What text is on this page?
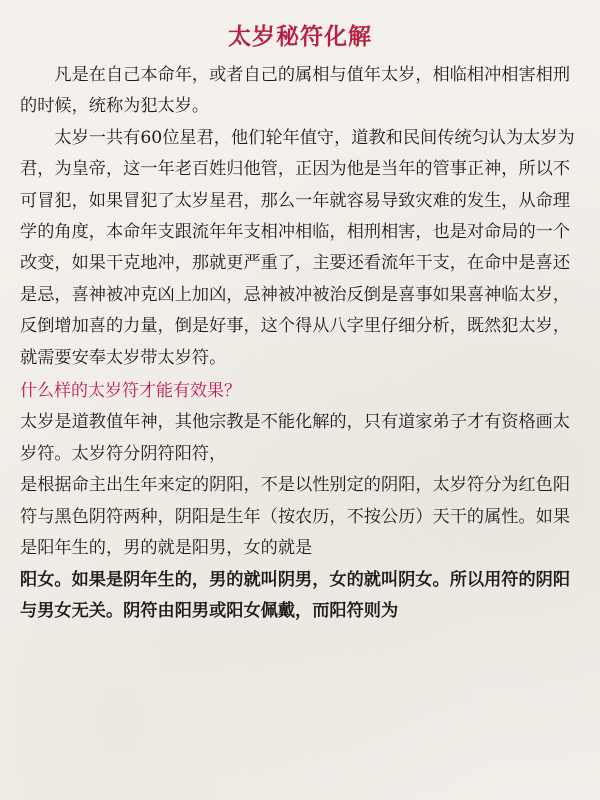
太岁秘符化解

凡是在自己本命年，或者自己的属相与值年太岁，相临相冲相害相刑的时候，统称为犯太岁。

太岁一共有60位星君，他们轮年值守，道教和民间传统匀认为太岁为君，为皇帝，这一年老百姓归他管，正因为他是当年的管事正神，所以不可冒犯，如果冒犯了太岁星君，那么一年就容易导致灾难的发生，从命理学的角度，本命年支跟流年年支相冲相临，相刑相害，也是对命局的一个改变，如果干克地冲，那就更严重了，主要还看流年干支，在命中是喜还是忌，喜神被冲克凶上加凶，忌神被冲被治反倒是喜事如果喜神临太岁，反倒增加喜的力量，倒是好事，这个得从八字里仔细分析，既然犯太岁，就需要安奉太岁带太岁符。

什么样的太岁符才能有效果？

太岁是道教值年神，其他宗教是不能化解的，只有道家弟子才有资格画太岁符。太岁符分阴符阳符，

是根据命主出生年来定的阴阳，不是以性别定的阴阳，太岁符分为红色阳符与黑色阴符两种，阴阳是生年（按农历，不按公历）天干的属性。如果是阳年生的，男的就是阳男，女的就是

阳女。如果是阴年生的，男的就叫阴男，女的就叫阴女。所以用符的阴阳与男女无关。阴符由阳男或阳女佩戴，而阳符则为
